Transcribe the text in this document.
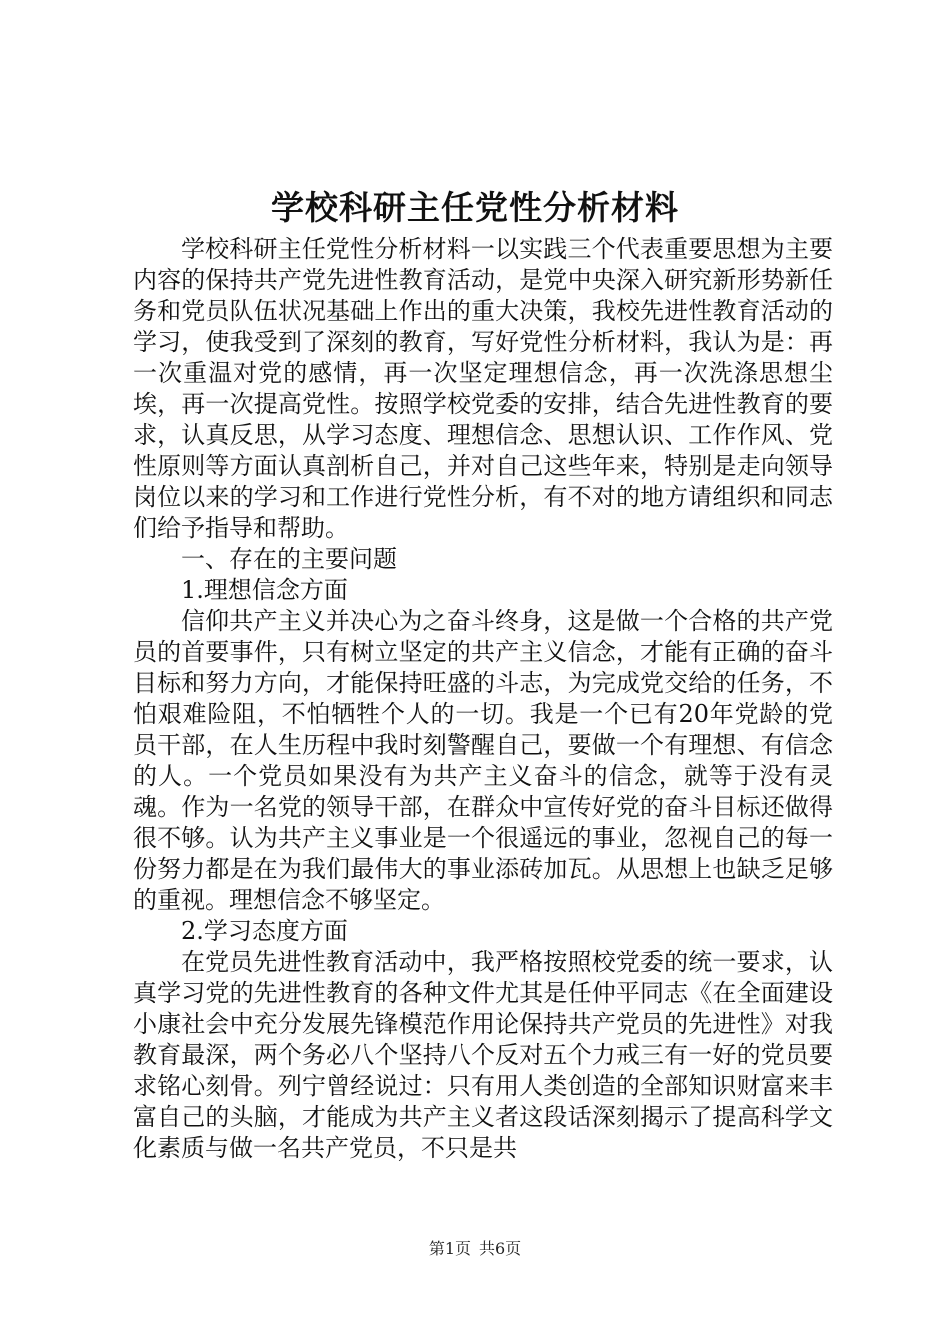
学校科研主任党性分析材料

学校科研主任党性分析材料一以实践三个代表重要思想为主要内容的保持共产党先进性教育活动，是党中央深入研究新形势新任务和党员队伍状况基础上作出的重大决策，我校先进性教育活动的学习，使我受到了深刻的教育，写好党性分析材料，我认为是：再一次重温对党的感情，再一次坚定理想信念，再一次洗涤思想尘埃，再一次提高党性。按照学校党委的安排，结合先进性教育的要求，认真反思，从学习态度、理想信念、思想认识、工作作风、党性原则等方面认真剖析自己，并对自己这些年来，特别是走向领导岗位以来的学习和工作进行党性分析，有不对的地方请组织和同志们给予指导和帮助。

一、存在的主要问题

1.理想信念方面

信仰共产主义并决心为之奋斗终身，这是做一个合格的共产党员的首要事件，只有树立坚定的共产主义信念，才能有正确的奋斗目标和努力方向，才能保持旺盛的斗志，为完成党交给的任务，不怕艰难险阻，不怕牺牲个人的一切。我是一个已有20年党龄的党员干部，在人生历程中我时刻警醒自己，要做一个有理想、有信念的人。一个党员如果没有为共产主义奋斗的信念，就等于没有灵魂。作为一名党的领导干部，在群众中宣传好党的奋斗目标还做得很不够。认为共产主义事业是一个很遥远的事业，忽视自己的每一份努力都是在为我们最伟大的事业添砖加瓦。从思想上也缺乏足够的重视。理想信念不够坚定。

2.学习态度方面

在党员先进性教育活动中，我严格按照校党委的统一要求，认真学习党的先进性教育的各种文件尤其是任仲平同志《在全面建设小康社会中充分发展先锋模范作用论保持共产党员的先进性》对我教育最深，两个务必八个坚持八个反对五个力戒三有一好的党员要求铭心刻骨。列宁曾经说过：只有用人类创造的全部知识财富来丰富自己的头脑，才能成为共产主义者这段话深刻揭示了提高科学文化素质与做一名共产党员，不只是共

第1页 共6页
